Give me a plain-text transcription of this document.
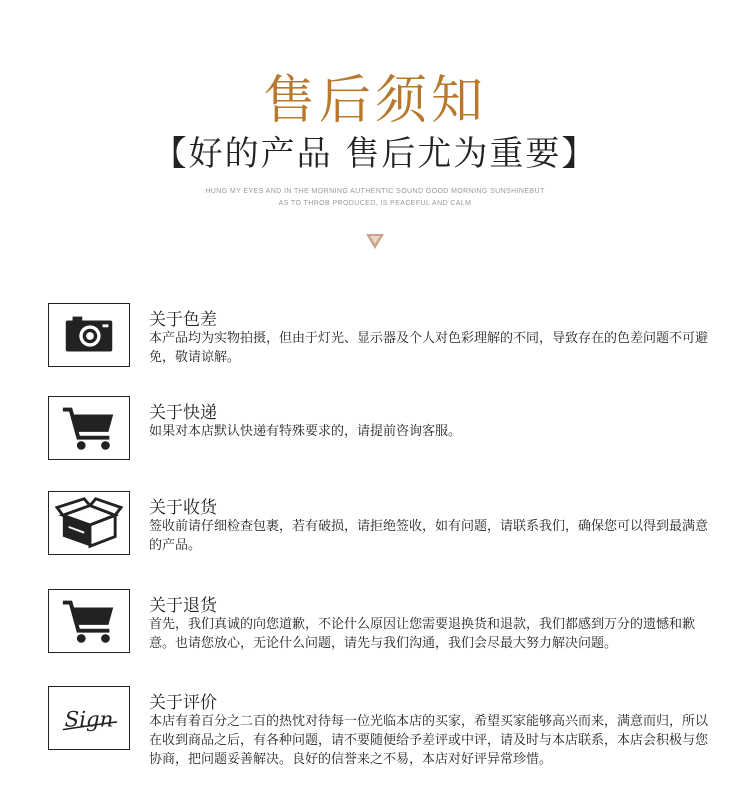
售后须知
【好的产品 售后尤为重要】
HUNG MY EYES AND IN THE MORNING AUTHENTIC SOUND GOOD MORNING SUNSHINEBUT
AS TO THROB PRODUCED, IS PEACEFUL AND CALM
关于色差
本产品均为实物拍摄，但由于灯光、显示器及个人对色彩理解的不同，导致存在的色差问题不可避免，敬请谅解。
关于快递
如果对本店默认快递有特殊要求的，请提前咨询客服。
关于收货
签收前请仔细检查包裹，若有破损，请拒绝签收，如有问题，请联系我们，确保您可以得到最满意的产品。
关于退货
首先，我们真诚的向您道歉，不论什么原因让您需要退换货和退款，我们都感到万分的遗憾和歉意。也请您放心，无论什么问题，请先与我们沟通，我们会尽最大努力解决问题。
Sign
关于评价
本店有着百分之二百的热忱对待每一位光临本店的买家，希望买家能够高兴而来，满意而归，所以在收到商品之后，有各种问题，请不要随便给予差评或中评，请及时与本店联系，本店会积极与您协商，把问题妥善解决。良好的信誉来之不易，本店对好评异常珍惜。
